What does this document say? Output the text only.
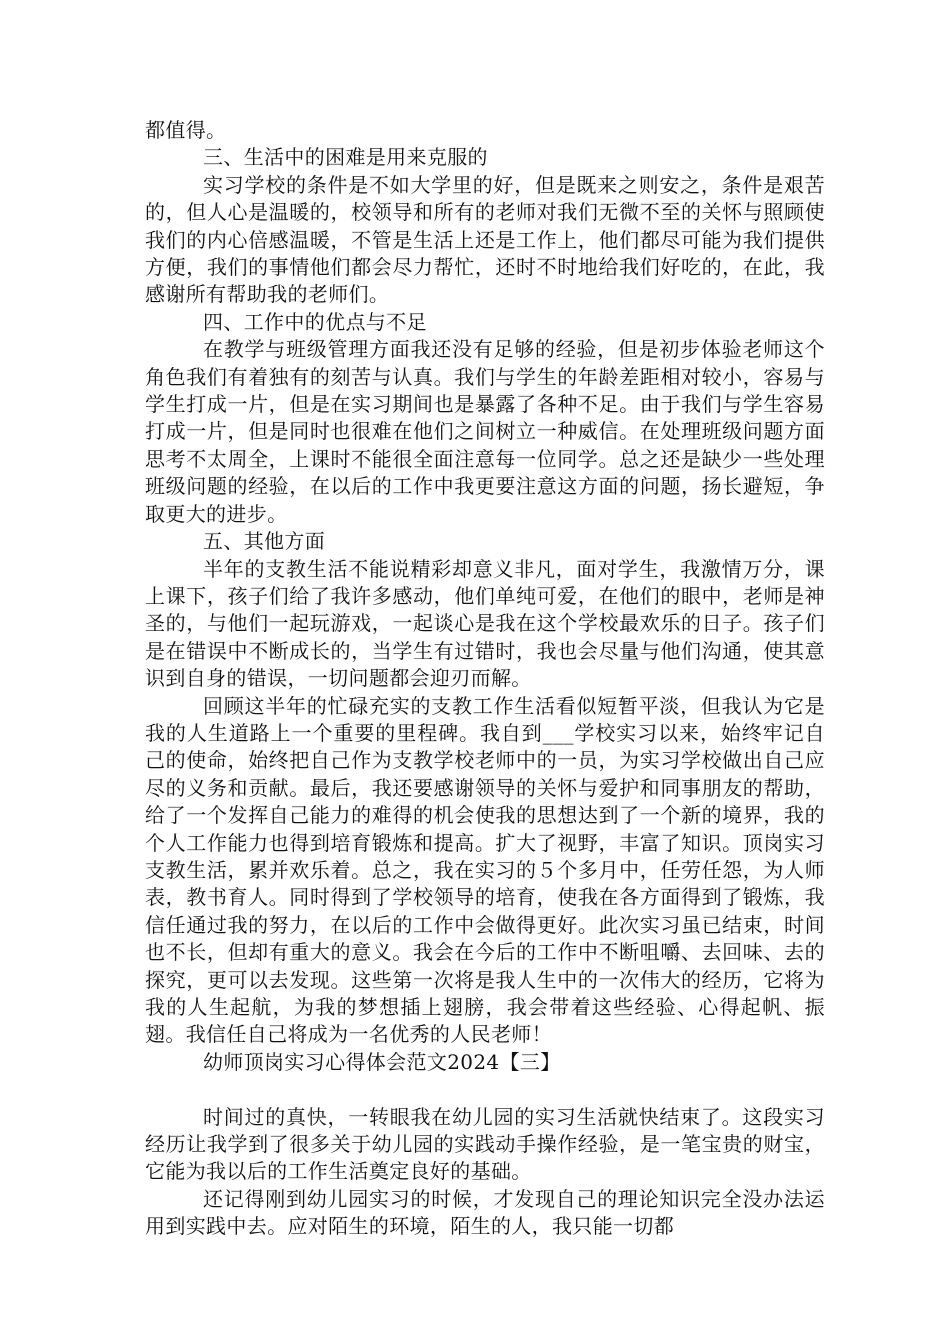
都值得。

三、生活中的困难是用来克服的

实习学校的条件是不如大学里的好，但是既来之则安之，条件是艰苦的，但人心是温暖的，校领导和所有的老师对我们无微不至的关怀与照顾使我们的内心倍感温暖，不管是生活上还是工作上，他们都尽可能为我们提供方便，我们的事情他们都会尽力帮忙，还时不时地给我们好吃的，在此，我感谢所有帮助我的老师们。

四、工作中的优点与不足

在教学与班级管理方面我还没有足够的经验，但是初步体验老师这个角色我们有着独有的刻苦与认真。我们与学生的年龄差距相对较小，容易与学生打成一片，但是在实习期间也是暴露了各种不足。由于我们与学生容易打成一片，但是同时也很难在他们之间树立一种威信。在处理班级问题方面思考不太周全，上课时不能很全面注意每一位同学。总之还是缺少一些处理班级问题的经验，在以后的工作中我更要注意这方面的问题，扬长避短，争取更大的进步。

五、其他方面

半年的支教生活不能说精彩却意义非凡，面对学生，我激情万分，课上课下，孩子们给了我许多感动，他们单纯可爱，在他们的眼中，老师是神圣的，与他们一起玩游戏，一起谈心是我在这个学校最欢乐的日子。孩子们是在错误中不断成长的，当学生有过错时，我也会尽量与他们沟通，使其意识到自身的错误，一切问题都会迎刃而解。

回顾这半年的忙碌充实的支教工作生活看似短暂平淡，但我认为它是我的人生道路上一个重要的里程碑。我自到___学校实习以来，始终牢记自己的使命，始终把自己作为支教学校老师中的一员，为实习学校做出自己应尽的义务和贡献。最后，我还要感谢领导的关怀与爱护和同事朋友的帮助，给了一个发挥自己能力的难得的机会使我的思想达到了一个新的境界，我的个人工作能力也得到培育锻炼和提高。扩大了视野，丰富了知识。顶岗实习支教生活，累并欢乐着。总之，我在实习的５个多月中，任劳任怨，为人师表，教书育人。同时得到了学校领导的培育，使我在各方面得到了锻炼，我信任通过我的努力，在以后的工作中会做得更好。此次实习虽已结束，时间也不长，但却有重大的意义。我会在今后的工作中不断咀嚼、去回味、去的探究，更可以去发现。这些第一次将是我人生中的一次伟大的经历，它将为我的人生起航，为我的梦想插上翅膀，我会带着这些经验、心得起帆、振翅。我信任自己将成为一名优秀的人民老师！

幼师顶岗实习心得体会范文2024【三】

时间过的真快，一转眼我在幼儿园的实习生活就快结束了。这段实习经历让我学到了很多关于幼儿园的实践动手操作经验，是一笔宝贵的财宝，它能为我以后的工作生活奠定良好的基础。

还记得刚到幼儿园实习的时候，才发现自己的理论知识完全没办法运用到实践中去。应对陌生的环境，陌生的人，我只能一切都
